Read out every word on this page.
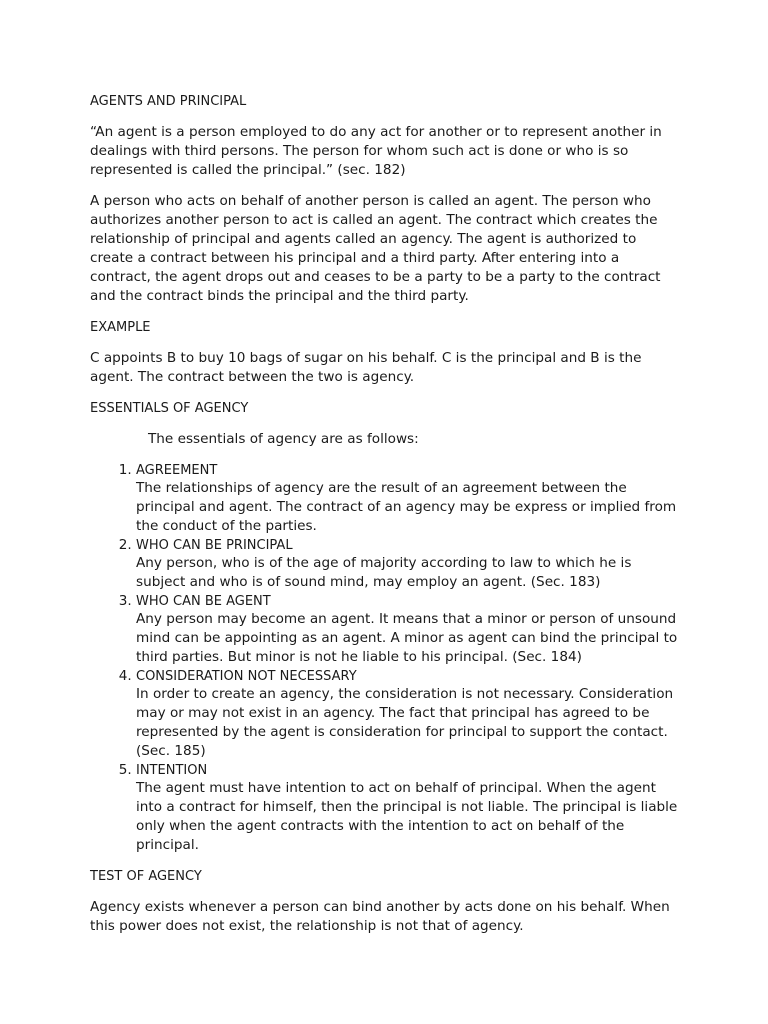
AGENTS AND PRINCIPAL

“An agent is a person employed to do any act for another or to represent another in dealings with third persons. The person for whom such act is done or who is so represented is called the principal.” (sec. 182)

A person who acts on behalf of another person is called an agent. The person who authorizes another person to act is called an agent. The contract which creates the relationship of principal and agents called an agency. The agent is authorized to create a contract between his principal and a third party. After entering into a contract, the agent drops out and ceases to be a party to be a party to the contract and the contract binds the principal and the third party.

EXAMPLE

C appoints B to buy 10 bags of sugar on his behalf. C is the principal and B is the agent. The contract between the two is agency.

ESSENTIALS OF AGENCY

The essentials of agency are as follows:

1. AGREEMENT
The relationships of agency are the result of an agreement between the principal and agent. The contract of an agency may be express or implied from the conduct of the parties.
2. WHO CAN BE PRINCIPAL
Any person, who is of the age of majority according to law to which he is subject and who is of sound mind, may employ an agent. (Sec. 183)
3. WHO CAN BE AGENT
Any person may become an agent. It means that a minor or person of unsound mind can be appointing as an agent. A minor as agent can bind the principal to third parties. But minor is not he liable to his principal. (Sec. 184)
4. CONSIDERATION NOT NECESSARY
In order to create an agency, the consideration is not necessary. Consideration may or may not exist in an agency. The fact that principal has agreed to be represented by the agent is consideration for principal to support the contact. (Sec. 185)
5. INTENTION
The agent must have intention to act on behalf of principal. When the agent into a contract for himself, then the principal is not liable. The principal is liable only when the agent contracts with the intention to act on behalf of the principal.
TEST OF AGENCY

Agency exists whenever a person can bind another by acts done on his behalf. When this power does not exist, the relationship is not that of agency.
